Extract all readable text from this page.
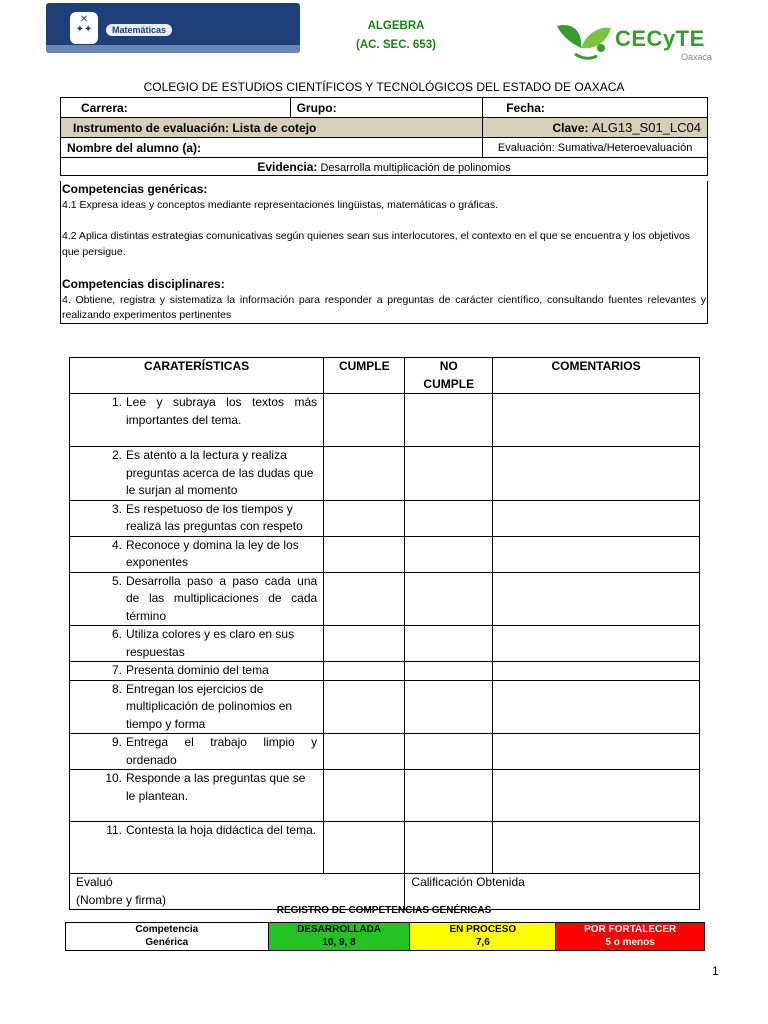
✕
✦✦	Matemáticas	ALGEBRA
(AC. SEC. 653)	CECyTE
Oaxaca
COLEGIO DE ESTUDIOS CIENTÍFICOS Y TECNOLÓGICOS DEL ESTADO DE OAXACA
Carrera:	Grupo:	Fecha:
Instrumento de evaluación: Lista de cotejo		Clave: ALG13_S01_LC04
Nombre del alumno (a):		Evaluación: Sumativa/Heteroevaluación
Evidencia: Desarrolla multiplicación de polinomios		

Competencias genéricas:

4.1 Expresa ideas y conceptos mediante representaciones lingüistas, matemáticas o gráficas.

4.2 Aplica distintas estrategias comunicativas según quienes sean sus interlocutores, el contexto en el que se encuentra y los objetivos que persigue.

Competencias disciplinares:

4. Obtiene, registra y sistematiza la información para responder a preguntas de carácter científico, consultando fuentes relevantes y realizando experimentos pertinentes

CARATERÍSTICAS	CUMPLE	NO CUMPLE	COMENTARIOS

1. Lee y subraya los textos más importantes del tema.			

2. Es atento a la lectura y realiza preguntas acerca de las dudas que le surjan al momento			

3. Es respetuoso de los tiempos y realiza las preguntas con respeto			

4. Reconoce y domina la ley de los exponentes			

5. Desarrolla paso a paso cada una de las multiplicaciones de cada término			

6. Utiliza colores y es claro en sus respuestas			

7. Presenta dominio del tema			

8. Entregan los ejercicios de multiplicación de polinomios en tiempo y forma			

9. Entrega el trabajo limpio y ordenado			

10. Responde a las preguntas que se le plantean.			

11. Contesta la hoja didáctica del tema.			

Evaluó
(Nombre y firma)		Calificación Obtenida	
REGISTRO DE COMPETENCIAS GENÉRICAS
Competencia
Genérica

DESARROLLADA
10, 9, 8

EN PROCESO
7,6

POR FORTALECER
5 o menos
1
